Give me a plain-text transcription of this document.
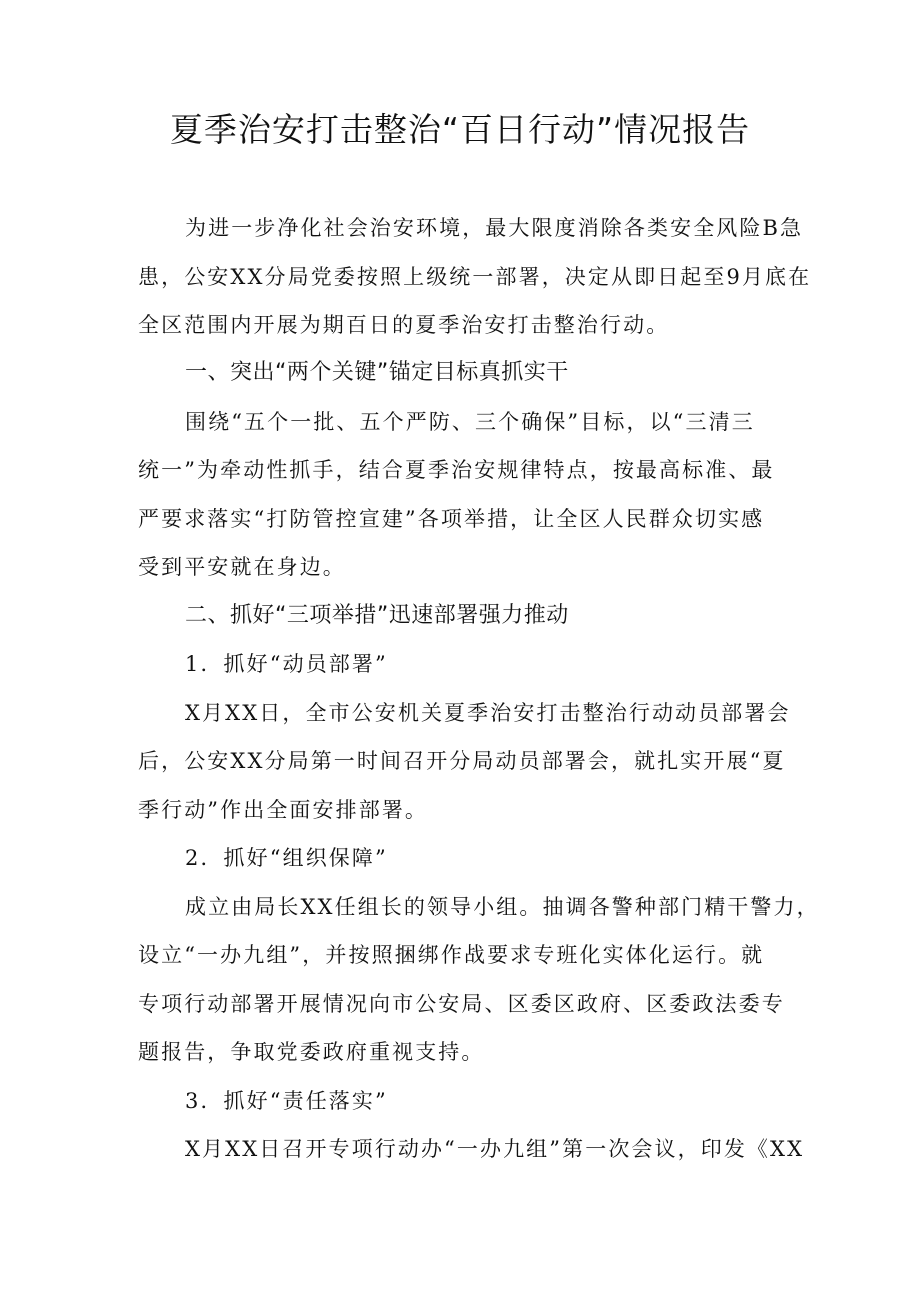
夏季治安打击整治“百日行动”情况报告
为进一步净化社会治安环境，最大限度消除各类安全风险B急
患，公安XX分局党委按照上级统一部署，决定从即日起至9月底在
全区范围内开展为期百日的夏季治安打击整治行动。
一、突出“两个关键”锚定目标真抓实干
围绕“五个一批、五个严防、三个确保”目标，以“三清三
统一”为牵动性抓手，结合夏季治安规律特点，按最高标准、最
严要求落实“打防管控宣建”各项举措，让全区人民群众切实感
受到平安就在身边。
二、抓好“三项举措”迅速部署强力推动
1．抓好“动员部署”
X月XX日，全市公安机关夏季治安打击整治行动动员部署会
后，公安XX分局第一时间召开分局动员部署会，就扎实开展“夏
季行动”作出全面安排部署。
2．抓好“组织保障”
成立由局长XX任组长的领导小组。抽调各警种部门精干警力，
设立“一办九组”，并按照捆绑作战要求专班化实体化运行。就
专项行动部署开展情况向市公安局、区委区政府、区委政法委专
题报告，争取党委政府重视支持。
3．抓好“责任落实”
X月XX日召开专项行动办“一办九组”第一次会议，印发《XX
